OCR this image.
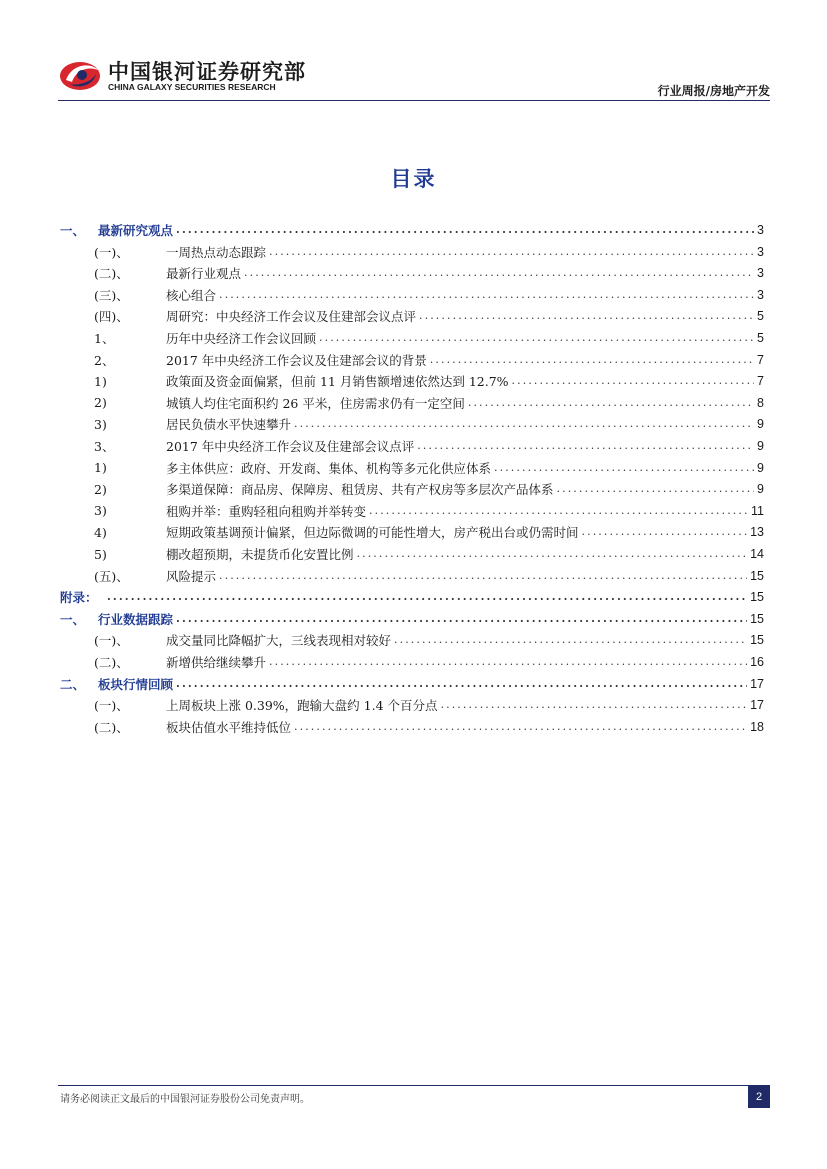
中国银河证券研究部
CHINA GALAXY SECURITIES RESEARCH	行业周报/房地产开发
目录
一、	最新研究观点 .....	3
(一)、	一周热点动态跟踪 .....	3
(二)、	最新行业观点 .....	3
(三)、	核心组合 .....	3
(四)、	周研究：中央经济工作会议及住建部会议点评 .....	5
1、	历年中央经济工作会议回顾 .....	5
2、	2017 年中央经济工作会议及住建部会议的背景 .....	7
1)	政策面及资金面偏紧，但前 11 月销售额增速依然达到 12.7% .....	7
2)	城镇人均住宅面积约 26 平米，住房需求仍有一定空间 .....	8
3)	居民负债水平快速攀升 .....	9
3、	2017 年中央经济工作会议及住建部会议点评 .....	9
1)	多主体供应：政府、开发商、集体、机构等多元化供应体系 .....	9
2)	多渠道保障：商品房、保障房、租赁房、共有产权房等多层次产品体系 .....	9
3)	租购并举：重购轻租向租购并举转变 .....	11
4)	短期政策基调预计偏紧，但边际微调的可能性增大，房产税出台或仍需时间 .....	13
5)	棚改超预期，未提货币化安置比例 .....	14
(五)、	风险提示 .....	15
附录： .....	15
一、	行业数据跟踪 .....	15
(一)、	成交量同比降幅扩大，三线表现相对较好 .....	15
(二)、	新增供给继续攀升 .....	16
二、	板块行情回顾 .....	17
(一)、	上周板块上涨 0.39%，跑输大盘约 1.4 个百分点 .....	17
(二)、	板块估值水平维持低位 .....	18
请务必阅读正文最后的中国银河证券股份公司免责声明。	2
